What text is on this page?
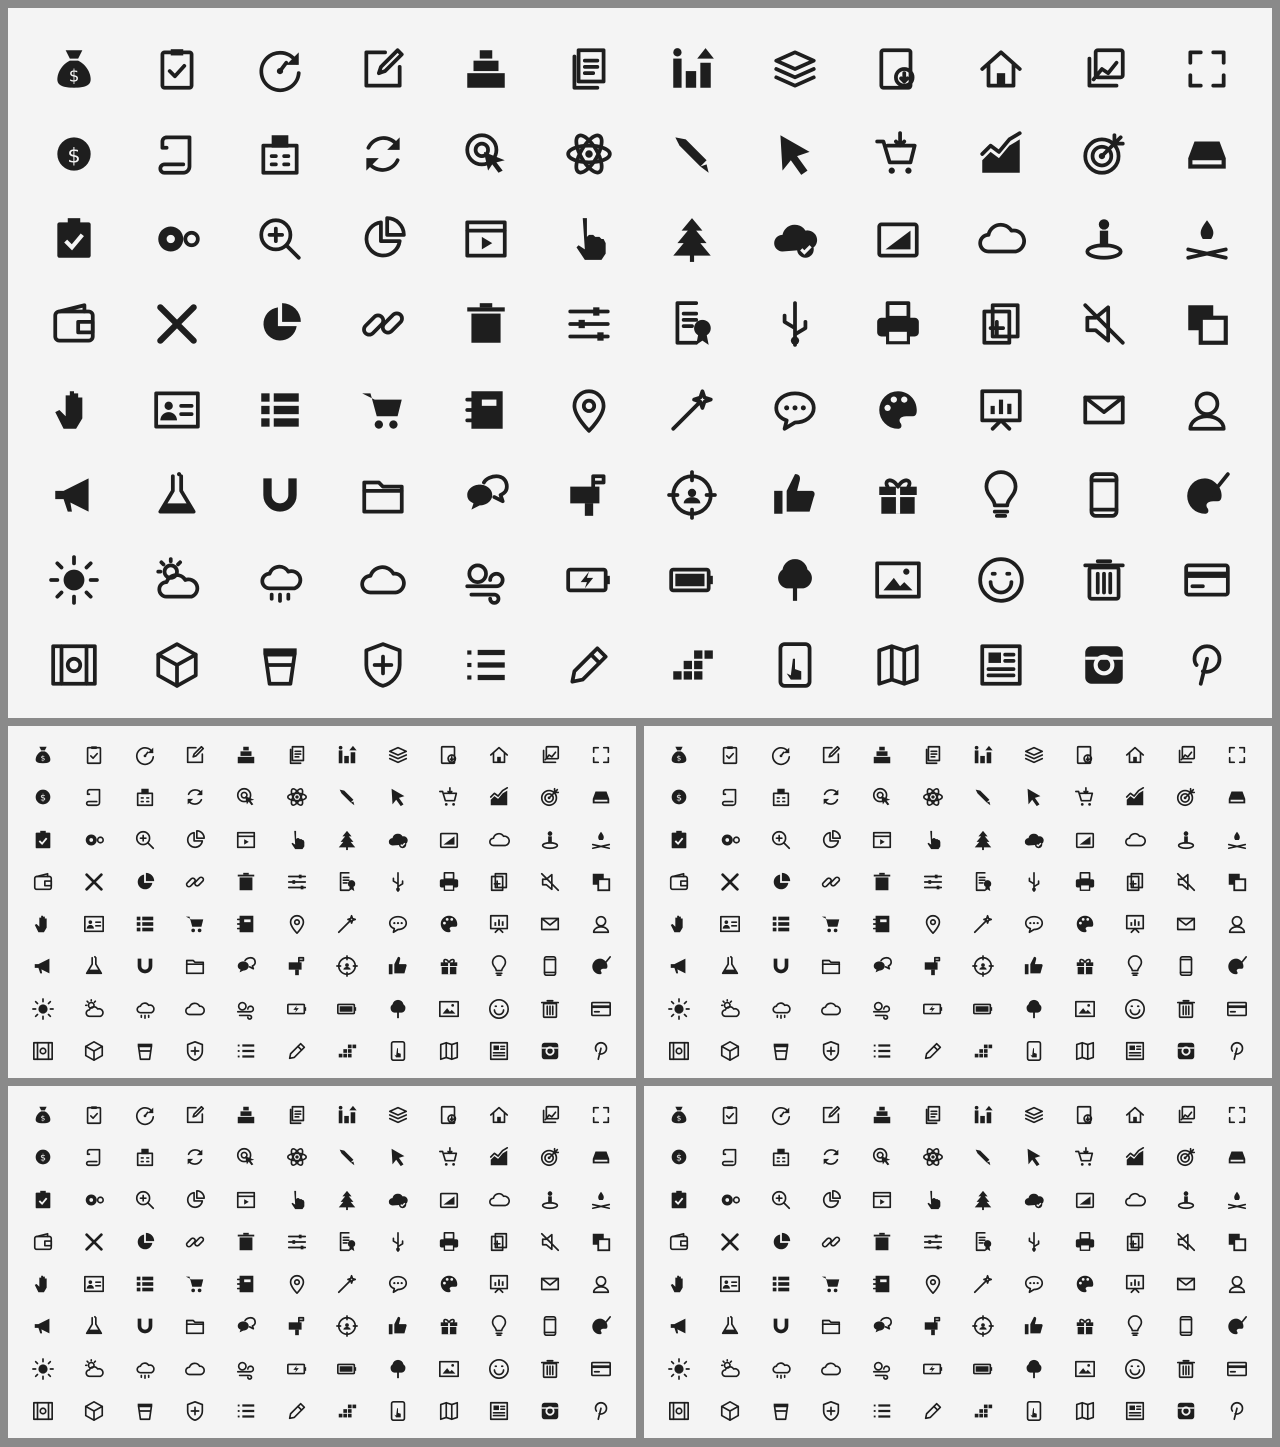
$
$
$
$
$
$
$
$
$
$
